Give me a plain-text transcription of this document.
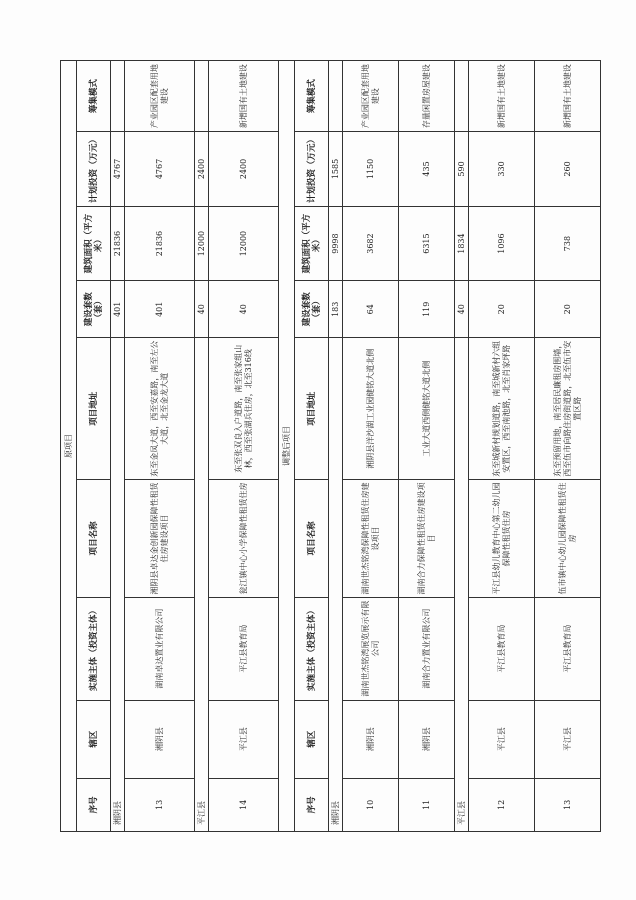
原项目								
序号	辖区	实施主体（投资主体）	项目名称	项目地址	建设套数（套）	建筑面积（平方米）	计划投资（万元）	筹集模式
湘阴县					401	21836	4767	
13	湘阴县	湖南卓达置业有限公司	湘阴县卓达金创新园保障性租赁住房建设项目	东至金凤大道，西至安嘉路，南至左公大道，北至金龙大道	401	21836	4767	产业园区配套用地建设
平江县					40	12000	2400	
14	平江县	平江县教育局	瓮江镇中心小学保障性租赁住房	东至张双良入户道路，南至张家组山林，西至张湖兵住房，北至316线	40	12000	2400	新增国有土地建设
调整后项目								
序号	辖区	实施主体（投资主体）	项目名称	项目地址	建设套数（套）	建筑面积（平方米）	计划投资（万元）	筹集模式
湘阴县					183	9998	1585	
10	湘阴县	湖南世杰铭湾展览展示有限公司	湖南世杰铭湾保障性租赁住房建设项目	湘阴县洋沙湖工业园健铭大道北侧	64	3682	1150	产业园区配套用地建设
11	湘阴县	湖南合力置业有限公司	湖南合力保障性租赁住房建设项目	工业大道西侧健铭大道北侧	119	6315	435	存量闲置房屋建设
平江县					40	1834	590	
12	平江县	平江县教育局	平江县幼儿教育中心第二幼儿园保障性租赁住房	东至城新村规划道路，南至城新村六组安置区，西至南池路，北至肖家坪路	20	1096	330	新增国有土地建设
13	平江县	平江县教育局	伍市镇中心幼儿园保障性租赁住房	东至预留用地，南至居民廉租房围墙，西至伍市向路住房街道路，北至伍市安置区路	20	738	260	新增国有土地建设
